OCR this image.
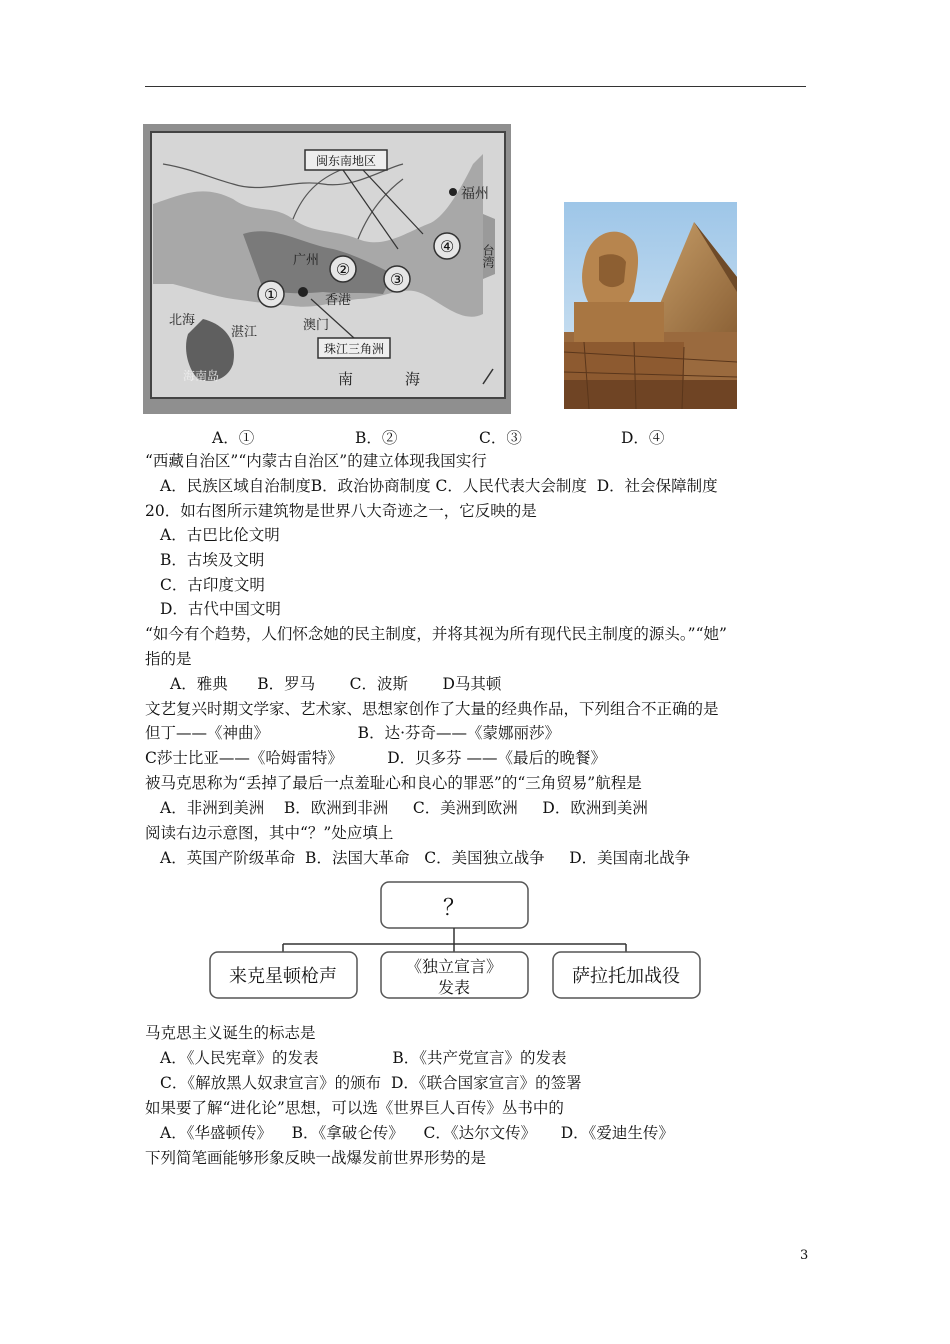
闽东南地区
珠江三角洲
福州
台湾
广州
香港
澳门
北海
湛江
海南岛	南	海
①
②
③
④
A．①	B．②	C．③	D．④
“西藏自治区”“内蒙古自治区”的建立体现我国实行
A．民族区域自治制度B．政治协商制度 C．人民代表大会制度  D．社会保障制度
20．如右图所示建筑物是世界八大奇迹之一，它反映的是
A．古巴比伦文明
B．古埃及文明
C．古印度文明
D．古代中国文明
“如今有个趋势，人们怀念她的民主制度，并将其视为所有现代民主制度的源头。”“她”
指的是
A．雅典      B．罗马       C．波斯       D马其顿
文艺复兴时期文学家、艺术家、思想家创作了大量的经典作品，下列组合不正确的是
但丁——《神曲》                  B．达·芬奇——《蒙娜丽莎》
C莎士比亚——《哈姆雷特》         D．贝多芬 ——《最后的晚餐》
被马克思称为“丢掉了最后一点羞耻心和良心的罪恶”的“三角贸易”航程是
A．非洲到美洲    B．欧洲到非洲     C．美洲到欧洲     D．欧洲到美洲
阅读右边示意图，其中“？”处应填上
A．英国产阶级革命  B．法国大革命   C．美国独立战争     D．美国南北战争
？
来克星顿枪声	《独立宣言》
发表
萨拉托加战役
马克思主义诞生的标志是
A．《人民宪章》的发表               B．《共产党宣言》的发表
C．《解放黑人奴隶宣言》的颁布  D．《联合国家宣言》的签署
如果要了解“进化论”思想，可以选《世界巨人百传》丛书中的
A．《华盛顿传》    B．《拿破仑传》    C．《达尔文传》     D．《爱迪生传》
下列简笔画能够形象反映一战爆发前世界形势的是
3
